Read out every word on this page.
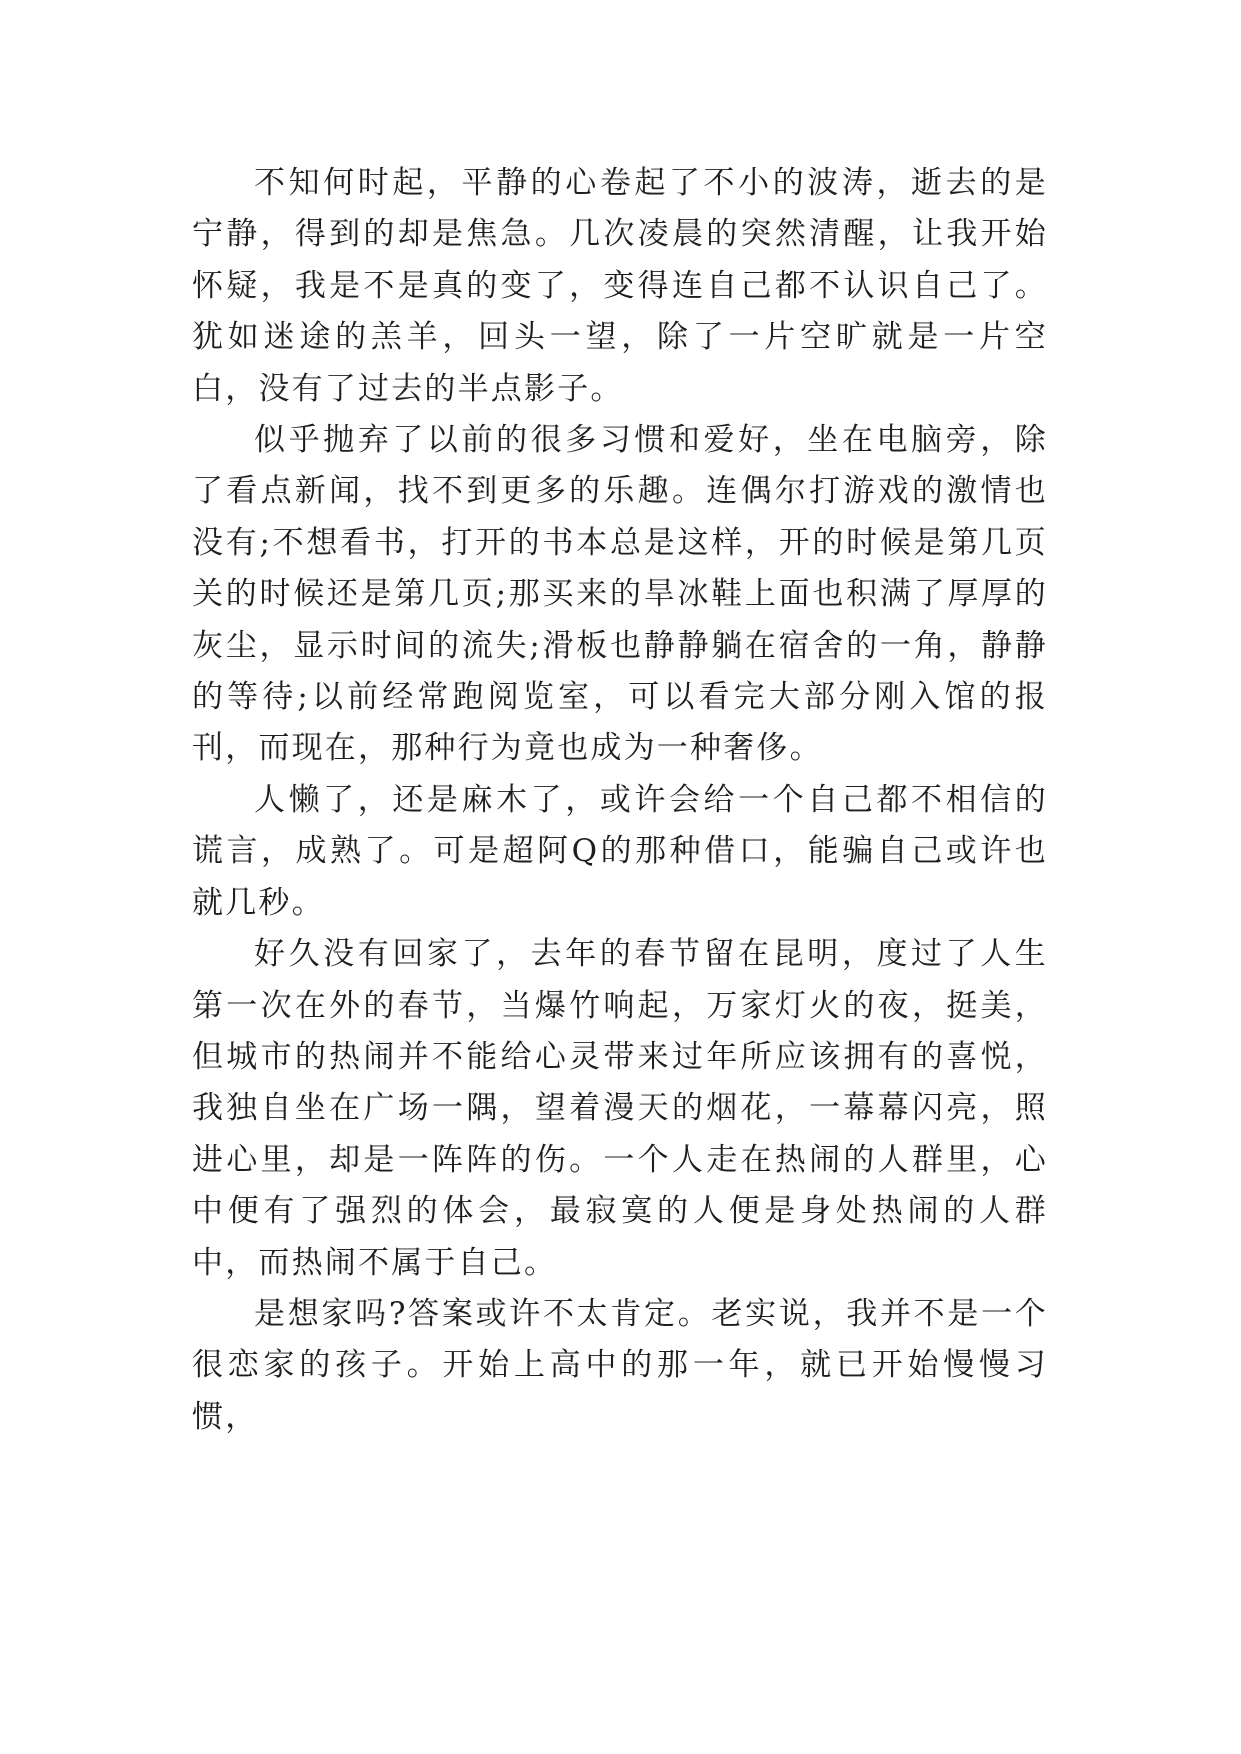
不知何时起，平静的心卷起了不小的波涛，逝去的是宁静，得到的却是焦急。几次凌晨的突然清醒，让我开始怀疑，我是不是真的变了，变得连自己都不认识自己了。犹如迷途的羔羊，回头一望，除了一片空旷就是一片空白，没有了过去的半点影子。

似乎抛弃了以前的很多习惯和爱好，坐在电脑旁，除了看点新闻，找不到更多的乐趣。连偶尔打游戏的激情也没有;不想看书，打开的书本总是这样，开的时候是第几页关的时候还是第几页;那买来的旱冰鞋上面也积满了厚厚的灰尘，显示时间的流失;滑板也静静躺在宿舍的一角，静静的等待;以前经常跑阅览室，可以看完大部分刚入馆的报刊，而现在，那种行为竟也成为一种奢侈。

人懒了，还是麻木了，或许会给一个自己都不相信的谎言，成熟了。可是超阿Q的那种借口，能骗自己或许也就几秒。

好久没有回家了，去年的春节留在昆明，度过了人生第一次在外的春节，当爆竹响起，万家灯火的夜，挺美，但城市的热闹并不能给心灵带来过年所应该拥有的喜悦，我独自坐在广场一隅，望着漫天的烟花，一幕幕闪亮，照进心里，却是一阵阵的伤。一个人走在热闹的人群里，心中便有了强烈的体会，最寂寞的人便是身处热闹的人群中，而热闹不属于自己。

是想家吗?答案或许不太肯定。老实说，我并不是一个很恋家的孩子。开始上高中的那一年，就已开始慢慢习惯，
